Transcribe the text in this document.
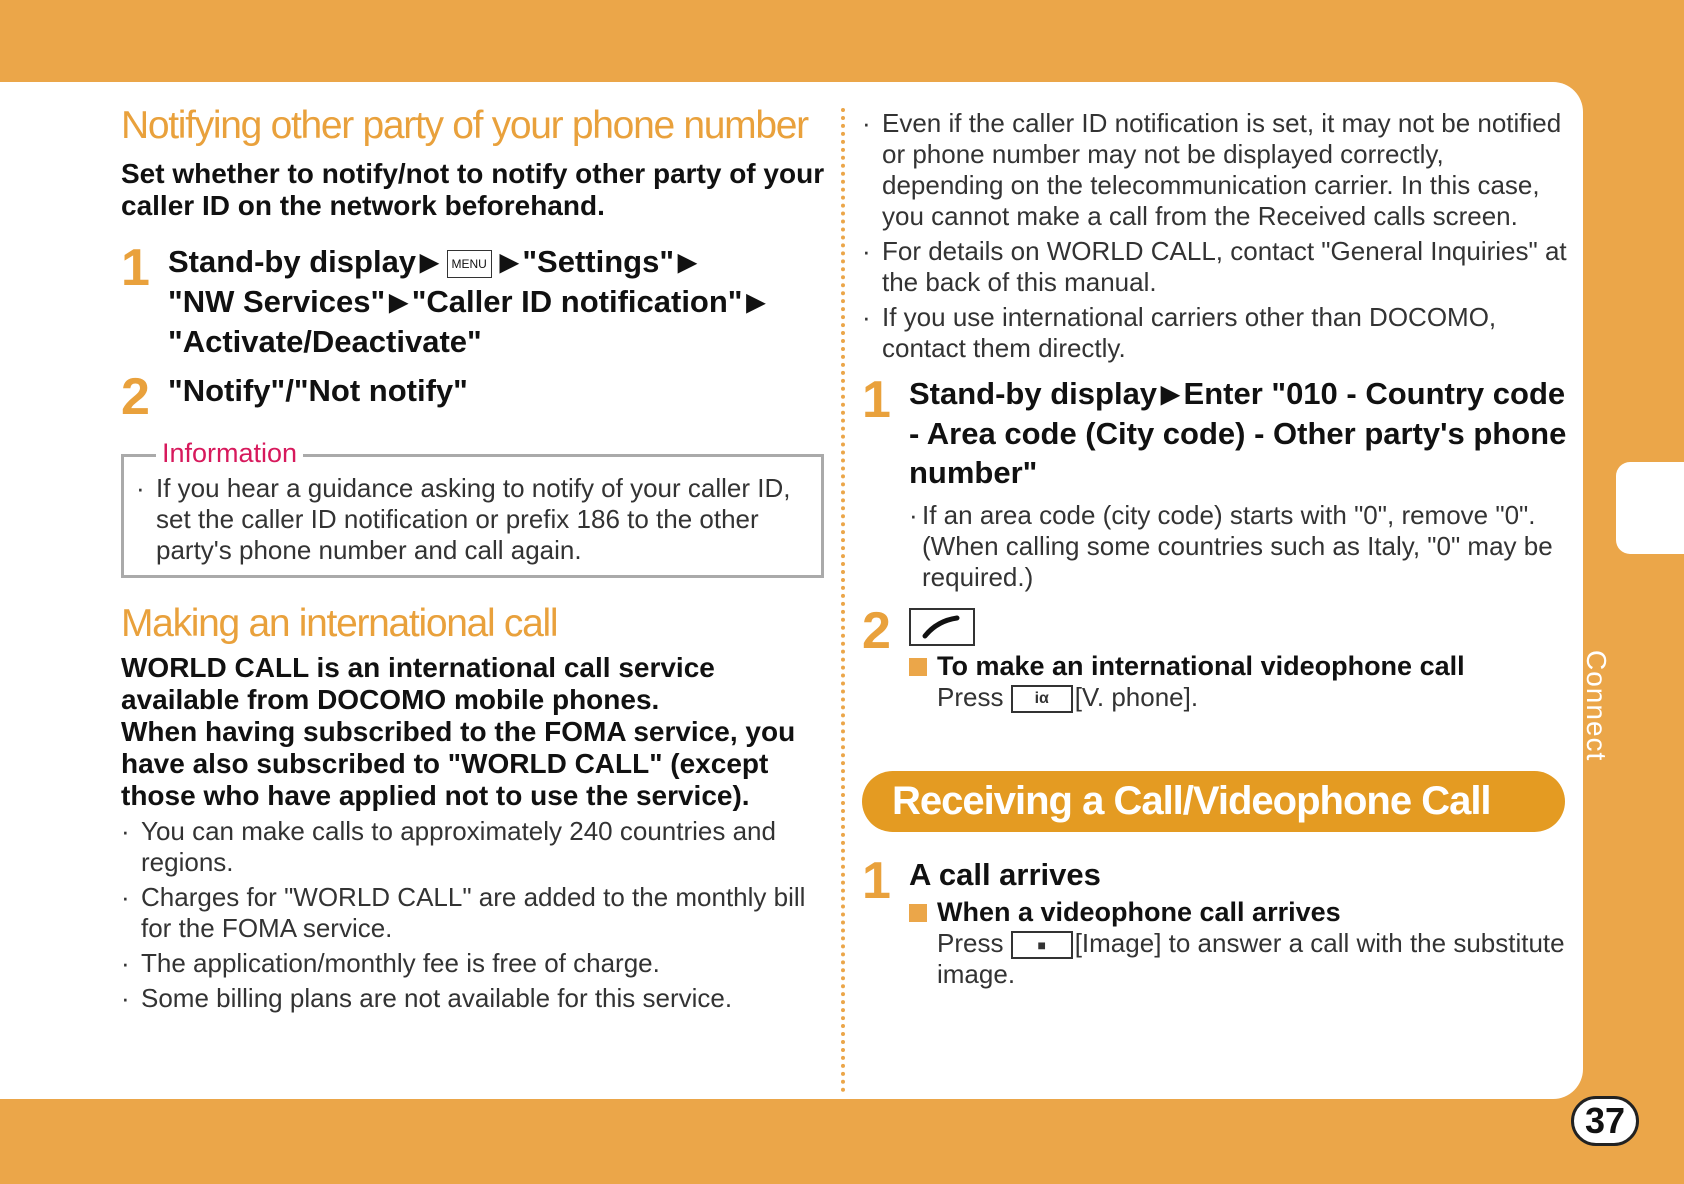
Connect
Notifying other party of your phone number
Set whether to notify/not to notify other party of your caller ID on the network beforehand.
1 Stand-by display ▶ MENU ▶ "Settings" ▶
"NW Services" ▶ "Caller ID notification" ▶
"Activate/Deactivate"
2 "Notify"/"Not notify"
Information
· If you hear a guidance asking to notify of your caller ID, set the caller ID notification or prefix 186 to the other party's phone number and call again.
Making an international call
WORLD CALL is an international call service available from DOCOMO mobile phones.
When having subscribed to the FOMA service, you have also subscribed to "WORLD CALL" (except those who have applied not to use the service).
· You can make calls to approximately 240 countries and regions.
· Charges for "WORLD CALL" are added to the monthly bill for the FOMA service.
· The application/monthly fee is free of charge.
· Some billing plans are not available for this service.
· Even if the caller ID notification is set, it may not be notified or phone number may not be displayed correctly, depending on the telecommunication carrier. In this case, you cannot make a call from the Received calls screen.
· For details on WORLD CALL, contact "General Inquiries" at the back of this manual.
· If you use international carriers other than DOCOMO, contact them directly.
1 Stand-by display ▶ Enter "010 - Country code - Area code (City code) - Other party's phone number"
· If an area code (city code) starts with "0", remove "0". (When calling some countries such as Italy, "0" may be required.)
2
To make an international videophone call
Press iα [V. phone].
Receiving a Call/Videophone Call
1 A call arrives
When a videophone call arrives
Press ■ [Image] to answer a call with the substitute image.
37
